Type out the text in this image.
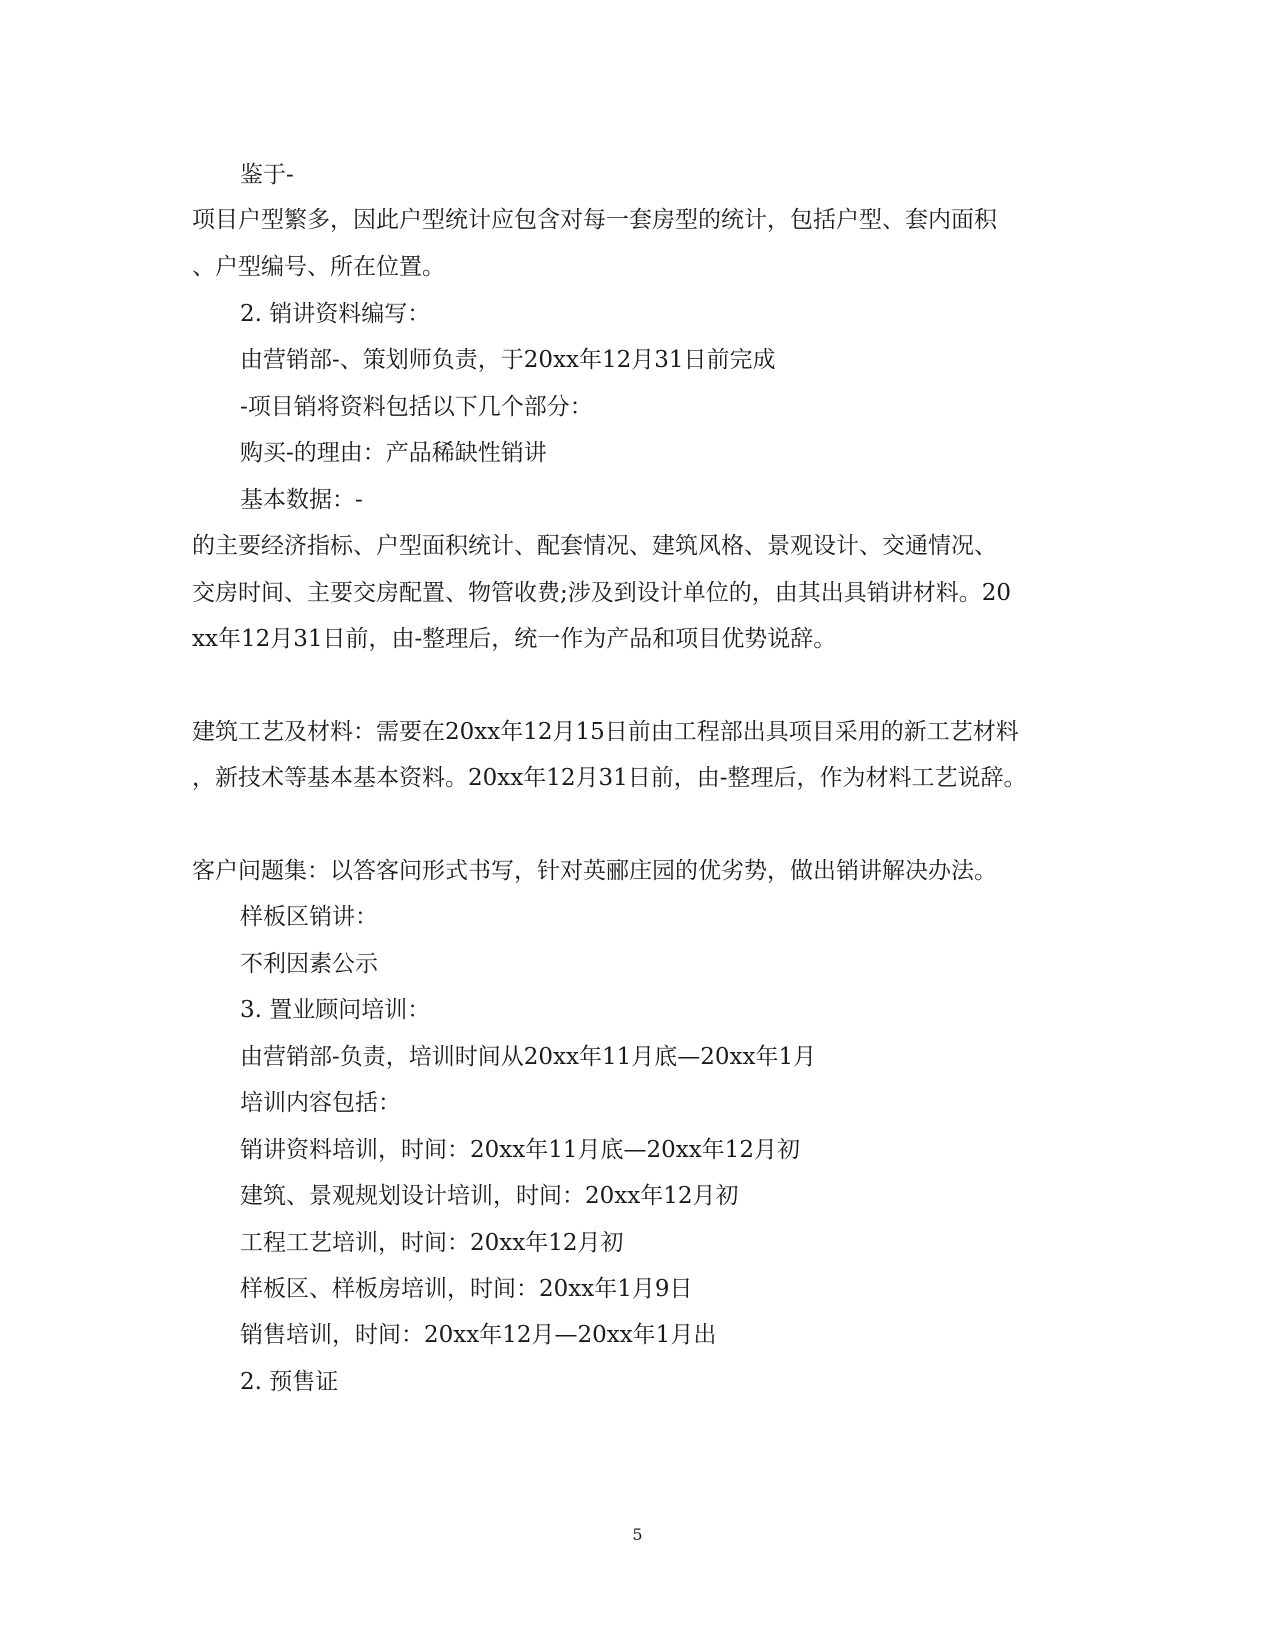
鉴于-
项目户型繁多，因此户型统计应包含对每一套房型的统计，包括户型、套内面积
、户型编号、所在位置。
2. 销讲资料编写：
由营销部-、策划师负责，于20xx年12月31日前完成
-项目销将资料包括以下几个部分：
购买-的理由：产品稀缺性销讲
基本数据：-
的主要经济指标、户型面积统计、配套情况、建筑风格、景观设计、交通情况、
交房时间、主要交房配置、物管收费;涉及到设计单位的，由其出具销讲材料。20
xx年12月31日前，由-整理后，统一作为产品和项目优势说辞。
建筑工艺及材料：需要在20xx年12月15日前由工程部出具项目采用的新工艺材料
，新技术等基本基本资料。20xx年12月31日前，由-整理后，作为材料工艺说辞。
客户问题集：以答客问形式书写，针对英郦庄园的优劣势，做出销讲解决办法。
样板区销讲：
不利因素公示
3. 置业顾问培训：
由营销部-负责，培训时间从20xx年11月底—20xx年1月
培训内容包括：
销讲资料培训，时间：20xx年11月底—20xx年12月初
建筑、景观规划设计培训，时间：20xx年12月初
工程工艺培训，时间：20xx年12月初
样板区、样板房培训，时间：20xx年1月9日
销售培训，时间：20xx年12月—20xx年1月出
2. 预售证
5
